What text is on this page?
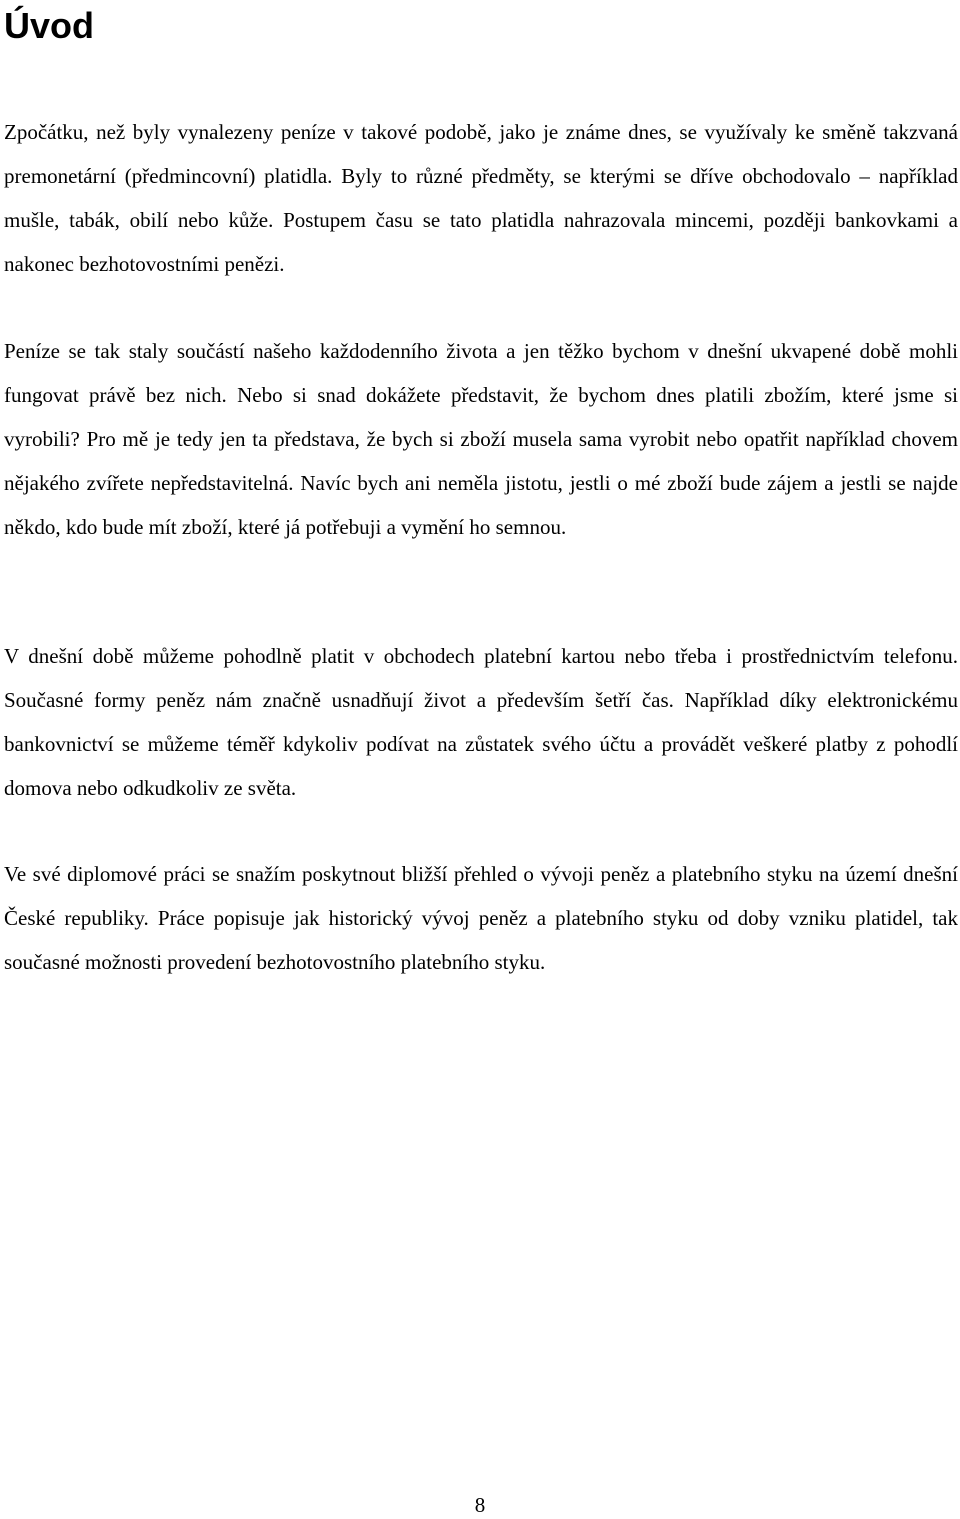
Úvod

Zpočátku, než byly vynalezeny peníze v takové podobě, jako je známe dnes, se využívaly ke směně takzvaná premonetární (předmincovní) platidla. Byly to různé předměty, se kterými se dříve obchodovalo – například mušle, tabák, obilí nebo kůže. Postupem času se tato platidla nahrazovala mincemi, později bankovkami a nakonec bezhotovostními penězi.

Peníze se tak staly součástí našeho každodenního života a jen těžko bychom v dnešní ukvapené době mohli fungovat právě bez nich. Nebo si snad dokážete představit, že bychom dnes platili zbožím, které jsme si vyrobili? Pro mě je tedy jen ta představa, že bych si zboží musela sama vyrobit nebo opatřit například chovem nějakého zvířete nepředstavitelná. Navíc bych ani neměla jistotu, jestli o mé zboží bude zájem a jestli se najde někdo, kdo bude mít zboží, které já potřebuji a vymění ho semnou.

V dnešní době můžeme pohodlně platit v obchodech platební kartou nebo třeba i prostřednictvím telefonu. Současné formy peněz nám značně usnadňují život a především šetří čas. Například díky elektronickému bankovnictví se můžeme téměř kdykoliv podívat na zůstatek svého účtu a provádět veškeré platby z pohodlí domova nebo odkudkoliv ze světa.

Ve své diplomové práci se snažím poskytnout bližší přehled o vývoji peněz a platebního styku na území dnešní České republiky. Práce popisuje jak historický vývoj peněz a platebního styku od doby vzniku platidel, tak současné možnosti provedení bezhotovostního platebního styku.

8
